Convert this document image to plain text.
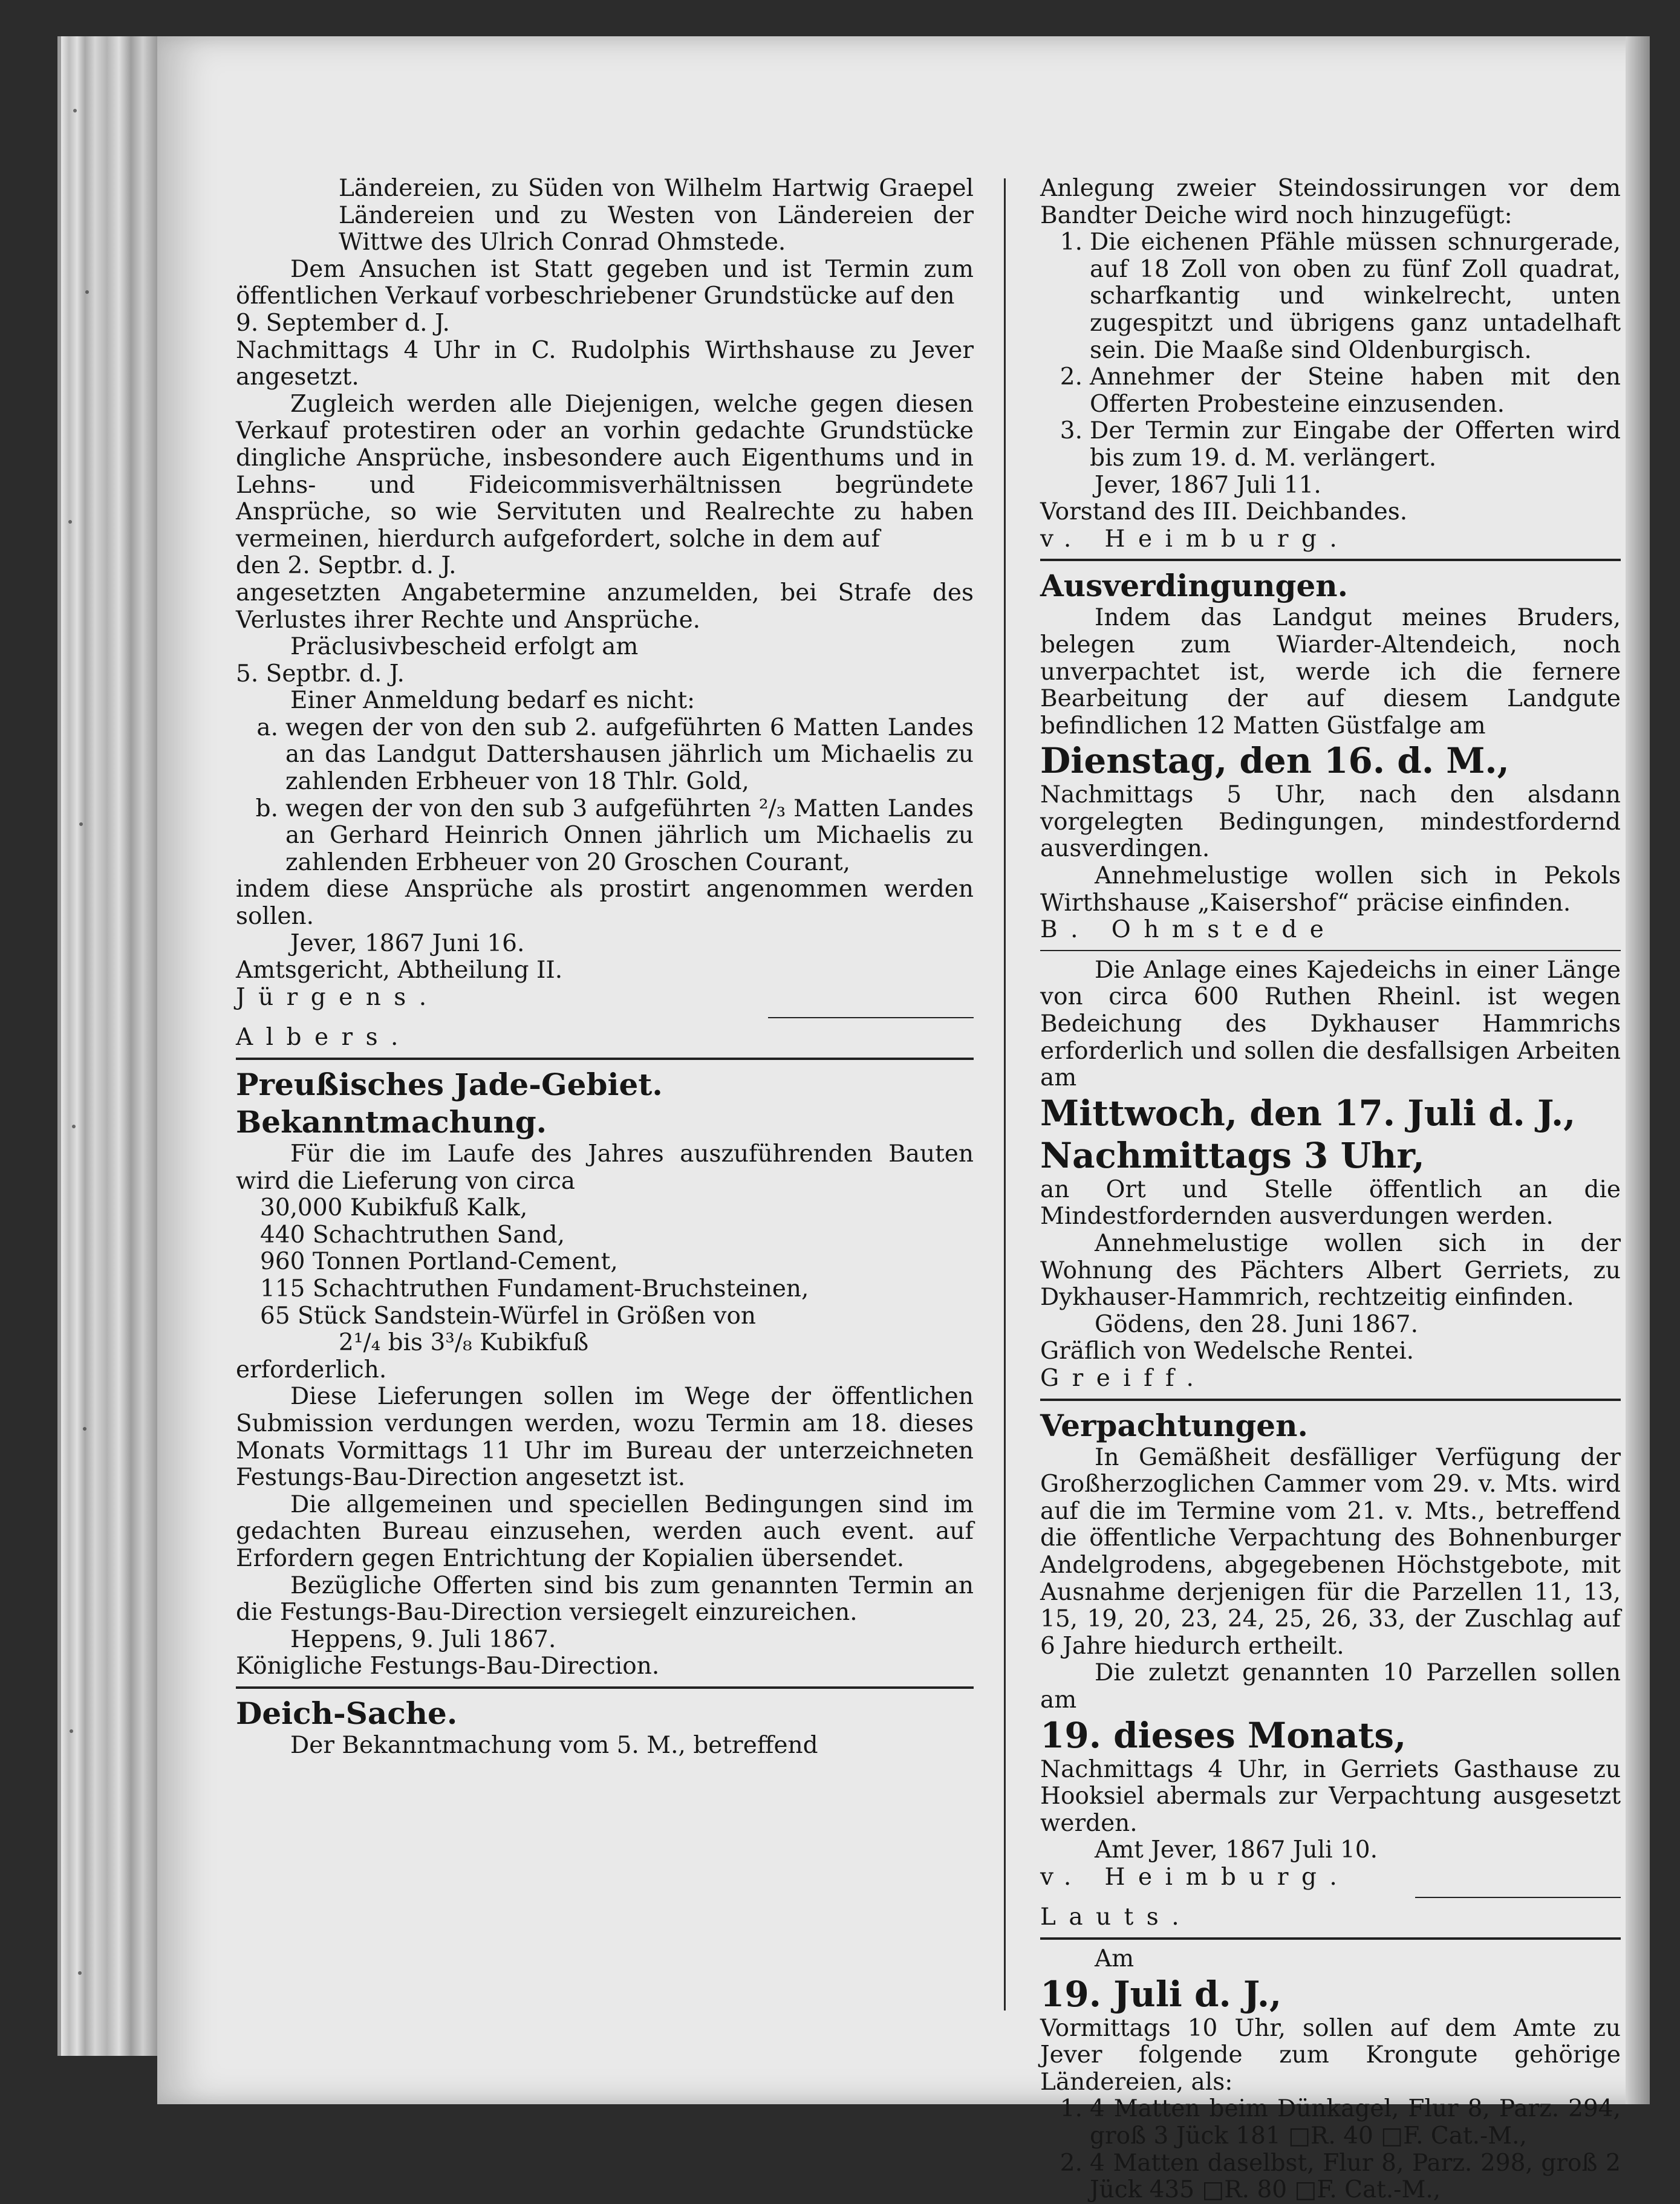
Ländereien, zu Süden von Wilhelm Hartwig Graepel Ländereien und zu Westen von Ländereien der Wittwe des Ulrich Conrad Ohmstede.

Dem Ansuchen ist Statt gegeben und ist Termin zum öffentlichen Verkauf vorbeschriebener Grundstücke auf den

9. September d. J.

Nachmittags 4 Uhr in C. Rudolphis Wirthshause zu Jever angesetzt.

Zugleich werden alle Diejenigen, welche gegen diesen Verkauf protestiren oder an vorhin gedachte Grundstücke dingliche Ansprüche, insbesondere auch Eigenthums und in Lehns- und Fideicommisverhältnissen begründete Ansprüche, so wie Servituten und Realrechte zu haben vermeinen, hierdurch aufgefordert, solche in dem auf

den 2. Septbr. d. J.

angesetzten Angabetermine anzumelden, bei Strafe des Verlustes ihrer Rechte und Ansprüche.

Präclusivbescheid erfolgt am

5. Septbr. d. J.

Einer Anmeldung bedarf es nicht:

a. wegen der von den sub 2. aufgeführten 6 Matten Landes an das Landgut Dattershausen jährlich um Michaelis zu zahlenden Erbheuer von 18 Thlr. Gold,
b. wegen der von den sub 3 aufgeführten ²/₃ Matten Landes an Gerhard Heinrich Onnen jährlich um Michaelis zu zahlenden Erbheuer von 20 Groschen Courant,

indem diese Ansprüche als prostirt angenommen werden sollen.

Jever, 1867 Juni 16.

Amtsgericht, Abtheilung II.

Jürgens.

Albers.

Preußisches Jade-Gebiet.

Bekanntmachung.

Für die im Laufe des Jahres auszuführenden Bauten wird die Lieferung von circa

30,000 Kubikfuß Kalk,

440 Schachtruthen Sand,

960 Tonnen Portland-Cement,

115 Schachtruthen Fundament-Bruchsteinen,

65 Stück Sandstein-Würfel in Größen von

2¹/₄ bis 3³/₈ Kubikfuß

erforderlich.

Diese Lieferungen sollen im Wege der öffentlichen Submission verdungen werden, wozu Termin am 18. dieses Monats Vormittags 11 Uhr im Bureau der unterzeichneten Festungs-Bau-Direction angesetzt ist.

Die allgemeinen und speciellen Bedingungen sind im gedachten Bureau einzusehen, werden auch event. auf Erfordern gegen Entrichtung der Kopialien übersendet.

Bezügliche Offerten sind bis zum genannten Termin an die Festungs-Bau-Direction versiegelt einzureichen.

Heppens, 9. Juli 1867.

Königliche Festungs-Bau-Direction.

Deich-Sache.

Der Bekanntmachung vom 5. M., betreffend

Anlegung zweier Steindossirungen vor dem Bandter Deiche wird noch hinzugefügt:

1. Die eichenen Pfähle müssen schnurgerade, auf 18 Zoll von oben zu fünf Zoll quadrat, scharfkantig und winkelrecht, unten zugespitzt und übrigens ganz untadelhaft sein. Die Maaße sind Oldenburgisch.
2. Annehmer der Steine haben mit den Offerten Probesteine einzusenden.
3. Der Termin zur Eingabe der Offerten wird bis zum 19. d. M. verlängert.

Jever, 1867 Juli 11.

Vorstand des III. Deichbandes.

v. Heimburg.

Ausverdingungen.

Indem das Landgut meines Bruders, belegen zum Wiarder-Altendeich, noch unverpachtet ist, werde ich die fernere Bearbeitung der auf diesem Landgute befindlichen 12 Matten Güstfalge am

Dienstag, den 16. d. M.,

Nachmittags 5 Uhr, nach den alsdann vorgelegten Bedingungen, mindestfordernd ausverdingen.

Annehmelustige wollen sich in Pekols Wirthshause „Kaisershof“ präcise einfinden.

B. Ohmstede

Die Anlage eines Kajedeichs in einer Länge von circa 600 Ruthen Rheinl. ist wegen Bedeichung des Dykhauser Hammrichs erforderlich und sollen die desfallsigen Arbeiten am

Mittwoch, den 17. Juli d. J.,

Nachmittags 3 Uhr,

an Ort und Stelle öffentlich an die Mindestfordernden ausverdungen werden.

Annehmelustige wollen sich in der Wohnung des Pächters Albert Gerriets, zu Dykhauser-Hammrich, rechtzeitig einfinden.

Gödens, den 28. Juni 1867.

Gräflich von Wedelsche Rentei.

Greiff.

Verpachtungen.

In Gemäßheit desfälliger Verfügung der Großherzoglichen Cammer vom 29. v. Mts. wird auf die im Termine vom 21. v. Mts., betreffend die öffentliche Verpachtung des Bohnenburger Andelgrodens, abgegebenen Höchstgebote, mit Ausnahme derjenigen für die Parzellen 11, 13, 15, 19, 20, 23, 24, 25, 26, 33, der Zuschlag auf 6 Jahre hiedurch ertheilt.

Die zuletzt genannten 10 Parzellen sollen am

19. dieses Monats,

Nachmittags 4 Uhr, in Gerriets Gasthause zu Hooksiel abermals zur Verpachtung ausgesetzt werden.

Amt Jever, 1867 Juli 10.

v. Heimburg.

Lauts.

Am

19. Juli d. J.,

Vormittags 10 Uhr, sollen auf dem Amte zu Jever folgende zum Krongute gehörige Ländereien, als:

1. 4 Matten beim Dünkagel, Flur 8, Parz. 294, groß 3 Jück 181 □R. 40 □F. Cat.-M.,
2. 4 Matten daselbst, Flur 8, Parz. 298, groß 2 Jück 435 □R. 80 □F. Cat.-M.,
